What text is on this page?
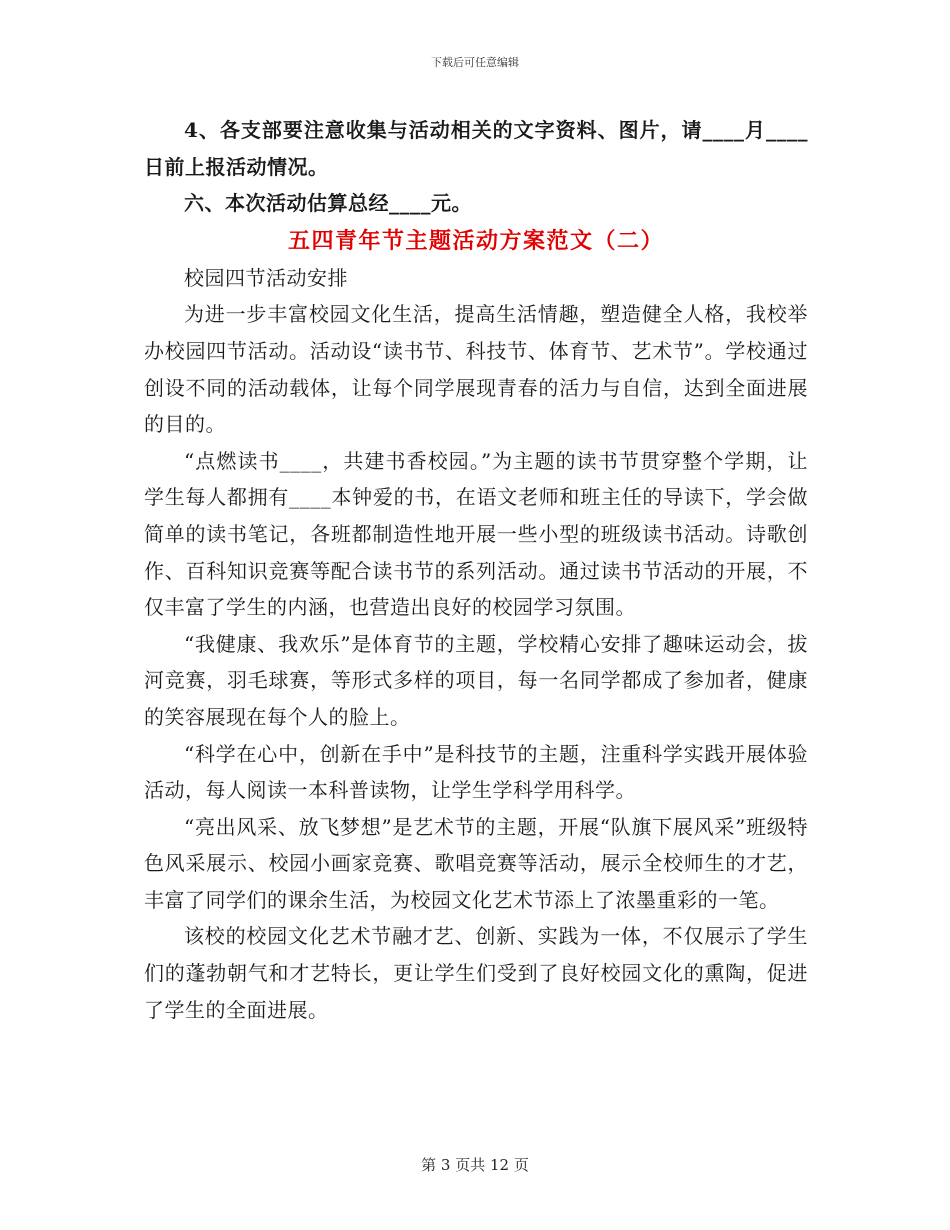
下载后可任意编辑

4、各支部要注意收集与活动相关的文字资料、图片，请____月____日前上报活动情况。

六、本次活动估算总经____元。

五四青年节主题活动方案范文（二）

校园四节活动安排

为进一步丰富校园文化生活，提高生活情趣，塑造健全人格，我校举办校园四节活动。活动设“读书节、科技节、体育节、艺术节”。学校通过创设不同的活动载体，让每个同学展现青春的活力与自信，达到全面进展的目的。

“点燃读书____，共建书香校园。”为主题的读书节贯穿整个学期，让学生每人都拥有____本钟爱的书，在语文老师和班主任的导读下，学会做简单的读书笔记，各班都制造性地开展一些小型的班级读书活动。诗歌创作、百科知识竞赛等配合读书节的系列活动。通过读书节活动的开展，不仅丰富了学生的内涵，也营造出良好的校园学习氛围。

“我健康、我欢乐”是体育节的主题，学校精心安排了趣味运动会，拔河竞赛，羽毛球赛，等形式多样的项目，每一名同学都成了参加者，健康的笑容展现在每个人的脸上。

“科学在心中，创新在手中”是科技节的主题，注重科学实践开展体验活动，每人阅读一本科普读物，让学生学科学用科学。

“亮出风采、放飞梦想”是艺术节的主题，开展“队旗下展风采”班级特色风采展示、校园小画家竞赛、歌唱竞赛等活动，展示全校师生的才艺，丰富了同学们的课余生活，为校园文化艺术节添上了浓墨重彩的一笔。

该校的校园文化艺术节融才艺、创新、实践为一体，不仅展示了学生们的蓬勃朝气和才艺特长，更让学生们受到了良好校园文化的熏陶，促进了学生的全面进展。

第 3 页共 12 页
